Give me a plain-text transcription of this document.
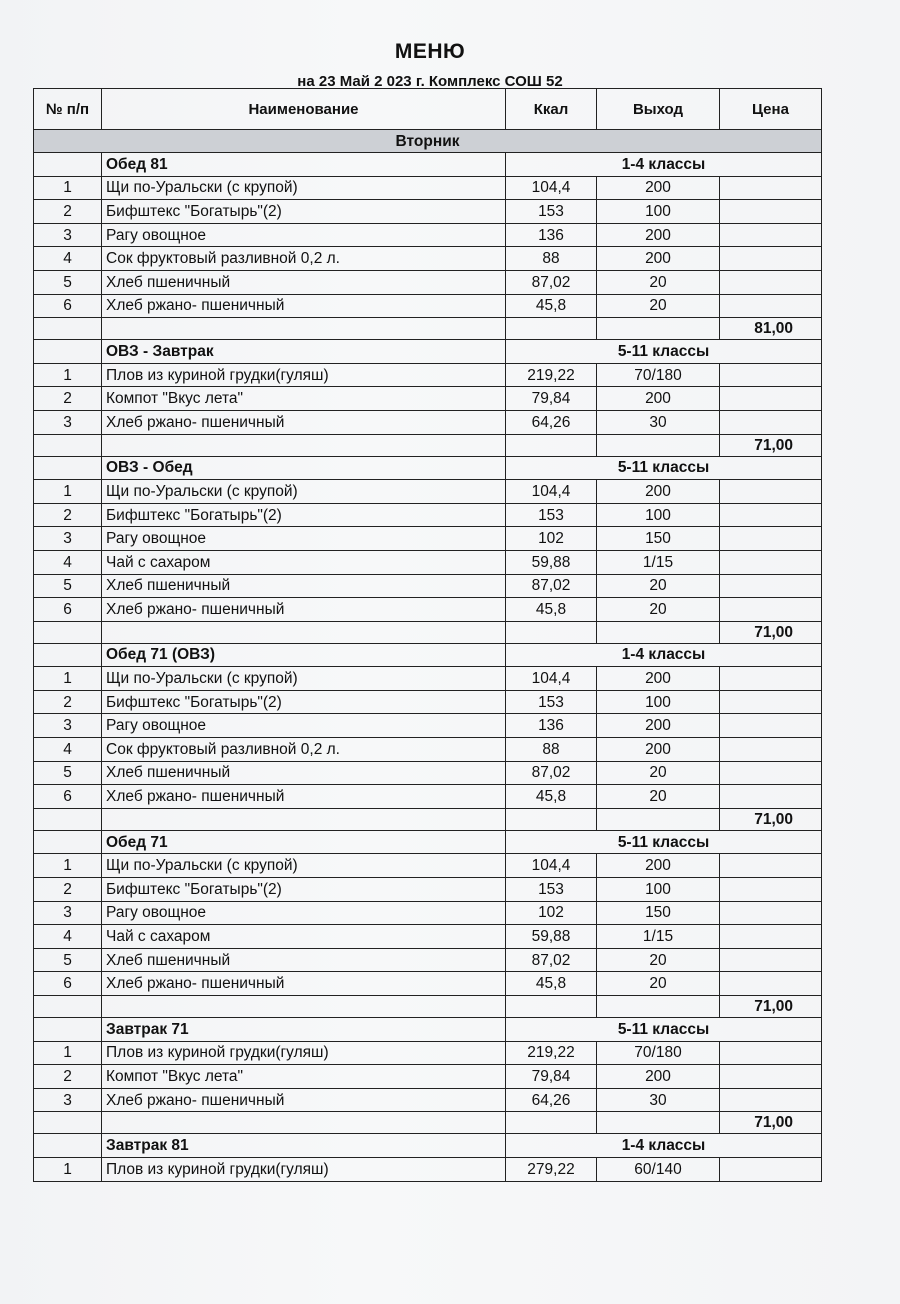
МЕНЮ
на 23 Май 2 023 г. Комплекс СОШ 52
№ п/п	Наименование	Ккал	Выход	Цена
Вторник				
	Обед 81	1-4 классы		
1	Щи по-Уральски (с крупой)	104,4	200	
2	Бифштекс "Богатырь"(2)	153	100	
3	Рагу овощное	136	200	
4	Сок фруктовый разливной 0,2 л.	88	200	
5	Хлеб пшеничный	87,02	20	
6	Хлеб ржано- пшеничный	45,8	20	
				81,00
	ОВЗ - Завтрак	5-11 классы		
1	Плов из куриной грудки(гуляш)	219,22	70/180	
2	Компот "Вкус лета"	79,84	200	
3	Хлеб ржано- пшеничный	64,26	30	
				71,00
	ОВЗ - Обед	5-11 классы		
1	Щи по-Уральски (с крупой)	104,4	200	
2	Бифштекс "Богатырь"(2)	153	100	
3	Рагу овощное	102	150	
4	Чай с сахаром	59,88	1/15	
5	Хлеб пшеничный	87,02	20	
6	Хлеб ржано- пшеничный	45,8	20	
				71,00
	Обед 71 (ОВЗ)	1-4 классы		
1	Щи по-Уральски (с крупой)	104,4	200	
2	Бифштекс "Богатырь"(2)	153	100	
3	Рагу овощное	136	200	
4	Сок фруктовый разливной 0,2 л.	88	200	
5	Хлеб пшеничный	87,02	20	
6	Хлеб ржано- пшеничный	45,8	20	
				71,00
	Обед 71	5-11 классы		
1	Щи по-Уральски (с крупой)	104,4	200	
2	Бифштекс "Богатырь"(2)	153	100	
3	Рагу овощное	102	150	
4	Чай с сахаром	59,88	1/15	
5	Хлеб пшеничный	87,02	20	
6	Хлеб ржано- пшеничный	45,8	20	
				71,00
	Завтрак 71	5-11 классы		
1	Плов из куриной грудки(гуляш)	219,22	70/180	
2	Компот "Вкус лета"	79,84	200	
3	Хлеб ржано- пшеничный	64,26	30	
				71,00
	Завтрак 81	1-4 классы		
1	Плов из куриной грудки(гуляш)	279,22	60/140	
